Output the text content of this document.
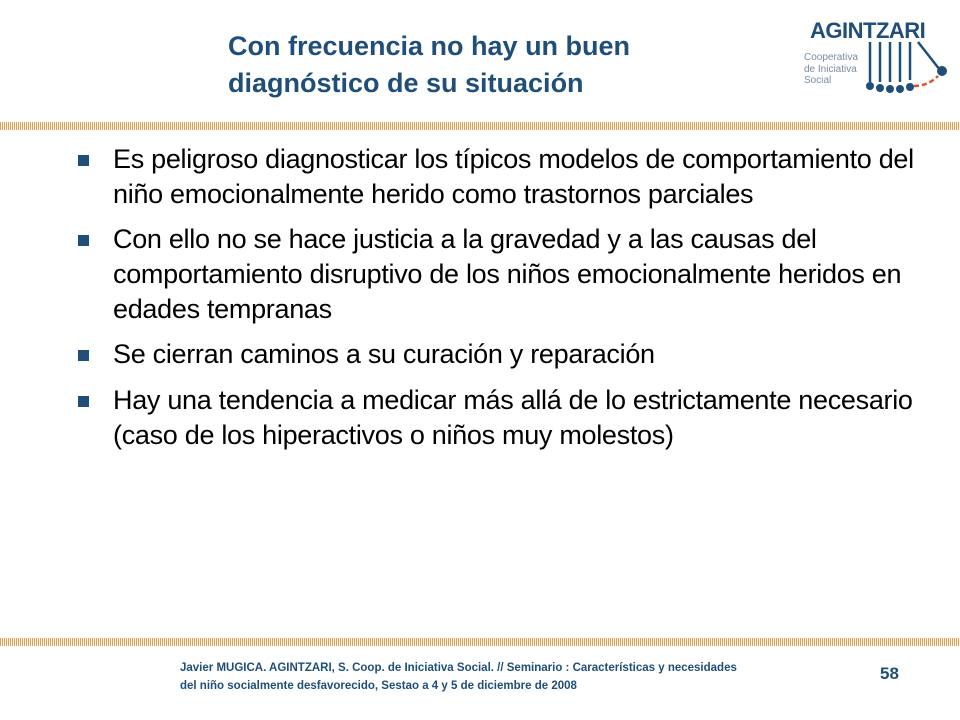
Con frecuencia no hay un buen
diagnóstico de su situación
AGINTZARI
Cooperativa
de Iniciativa
Social
Es peligroso diagnosticar los típicos modelos de comportamiento del niño emocionalmente herido como trastornos parciales
Con ello no se hace justicia a la gravedad y a las causas del comportamiento disruptivo de los niños emocionalmente heridos en edades tempranas
Se cierran caminos a su curación y reparación
Hay una tendencia a medicar más allá de lo estrictamente necesario (caso de los hiperactivos o niños muy molestos)
Javier MUGICA. AGINTZARI, S. Coop. de Iniciativa Social. // Seminario : Características y necesidades
del niño socialmente desfavorecido, Sestao a 4 y 5 de diciembre de 2008
58
